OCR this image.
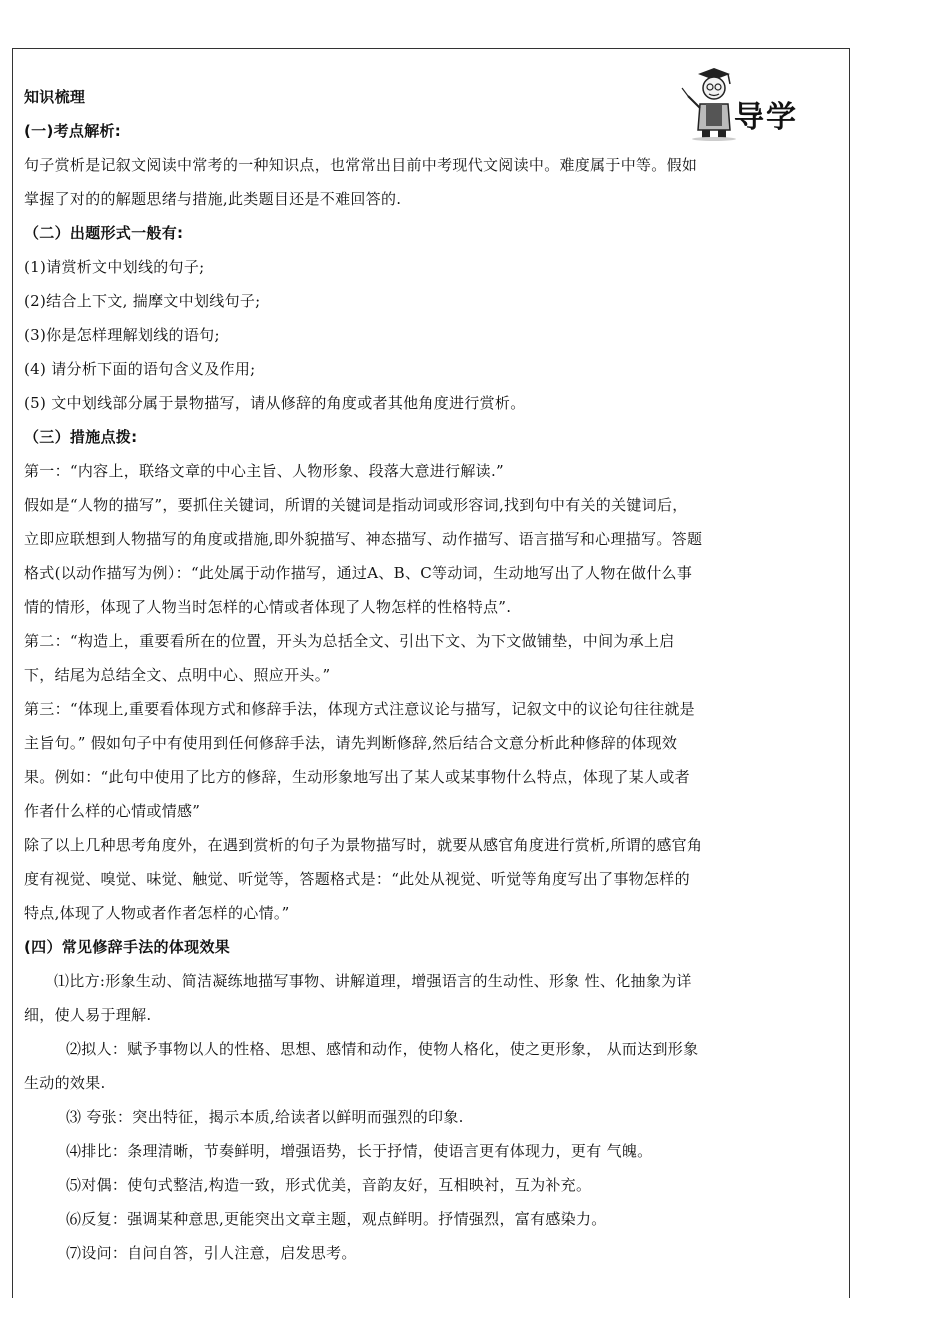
导学
知识梳理
(一)考点解析:
句子赏析是记叙文阅读中常考的一种知识点，也常常出目前中考现代文阅读中。难度属于中等。假如
掌握了对的的解题思绪与措施,此类题目还是不难回答的.
（二）出题形式一般有:
(1)请赏析文中划线的句子;
(2)结合上下文, 揣摩文中划线句子;
(3)你是怎样理解划线的语句;
(4) 请分析下面的语句含义及作用;
(5) 文中划线部分属于景物描写，请从修辞的角度或者其他角度进行赏析。
（三）措施点拨:
第一：“内容上，联络文章的中心主旨、人物形象、段落大意进行解读.”
假如是“人物的描写”，要抓住关键词，所谓的关键词是指动词或形容词,找到句中有关的关键词后，
立即应联想到人物描写的角度或措施,即外貌描写、神态描写、动作描写、语言描写和心理描写。答题
格式(以动作描写为例）：“此处属于动作描写，通过A、B、C等动词，生动地写出了人物在做什么事
情的情形，体现了人物当时怎样的心情或者体现了人物怎样的性格特点”.
第二：“构造上，重要看所在的位置，开头为总括全文、引出下文、为下文做铺垫，中间为承上启
下，结尾为总结全文、点明中心、照应开头。”
第三：“体现上,重要看体现方式和修辞手法，体现方式注意议论与描写，记叙文中的议论句往往就是
主旨句。” 假如句子中有使用到任何修辞手法，请先判断修辞,然后结合文意分析此种修辞的体现效
果。例如：“此句中使用了比方的修辞，生动形象地写出了某人或某事物什么特点，体现了某人或者
作者什么样的心情或情感”
除了以上几种思考角度外，在遇到赏析的句子为景物描写时，就要从感官角度进行赏析,所谓的感官角
度有视觉、嗅觉、味觉、触觉、听觉等，答题格式是：“此处从视觉、听觉等角度写出了事物怎样的
特点,体现了人物或者作者怎样的心情。”
(四）常见修辞手法的体现效果
⑴比方:形象生动、简洁凝练地描写事物、讲解道理，增强语言的生动性、形象 性、化抽象为详
细，使人易于理解.
⑵拟人：赋予事物以人的性格、思想、感情和动作，使物人格化，使之更形象， 从而达到形象
生动的效果.
⑶ 夸张：突出特征，揭示本质,给读者以鲜明而强烈的印象.
⑷排比：条理清晰，节奏鲜明，增强语势，长于抒情，使语言更有体现力，更有 气魄。
⑸对偶：使句式整洁,构造一致，形式优美，音韵友好，互相映衬，互为补充。
⑹反复：强调某种意思,更能突出文章主题，观点鲜明。抒情强烈，富有感染力。
⑺设问：自问自答，引人注意，启发思考。
